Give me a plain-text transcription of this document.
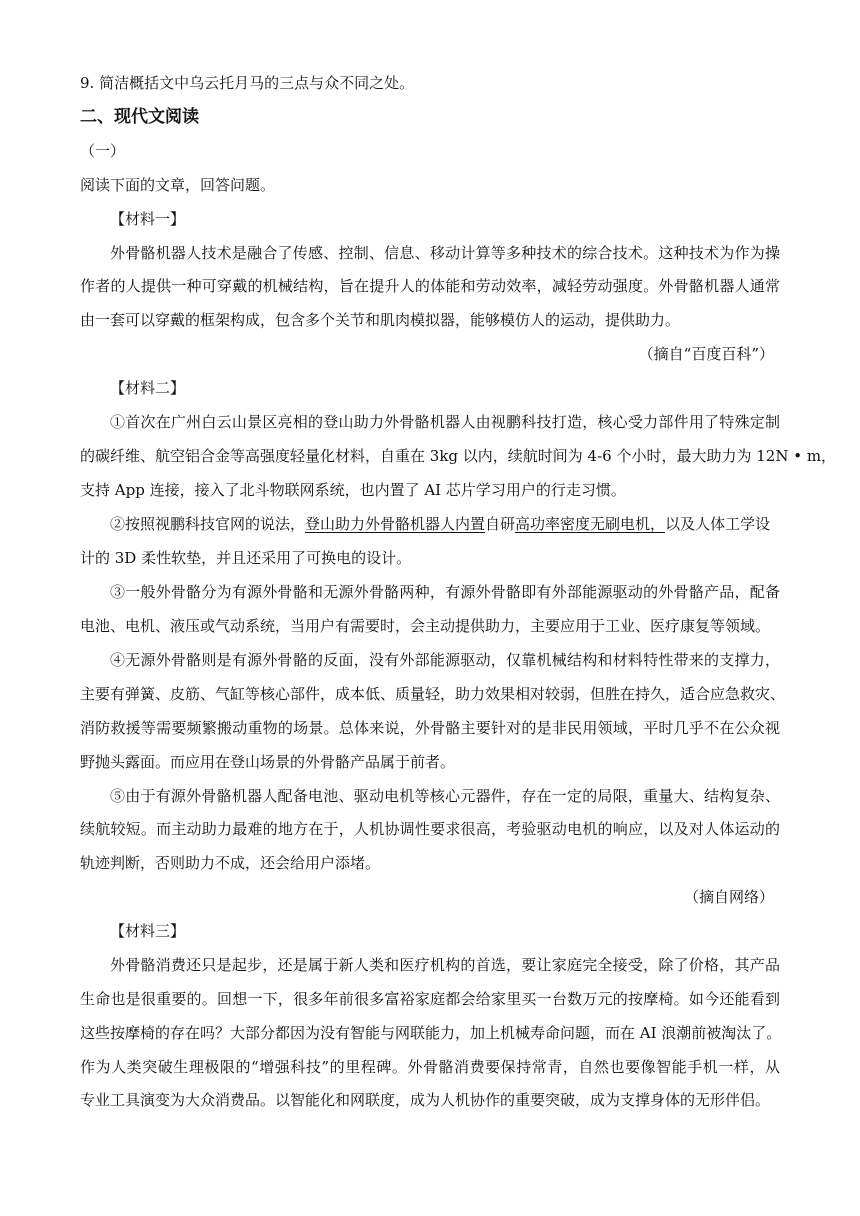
9. 简洁概括文中乌云托月马的三点与众不同之处。
二、现代文阅读
（一）
阅读下面的文章，回答问题。
【材料一】
外骨骼机器人技术是融合了传感、控制、信息、移动计算等多种技术的综合技术。这种技术为作为操
作者的人提供一种可穿戴的机械结构，旨在提升人的体能和劳动效率，减轻劳动强度。外骨骼机器人通常
由一套可以穿戴的框架构成，包含多个关节和肌肉模拟器，能够模仿人的运动，提供助力。
（摘自“百度百科”）
【材料二】
①首次在广州白云山景区亮相的登山助力外骨骼机器人由视鹏科技打造，核心受力部件用了特殊定制
的碳纤维、航空铝合金等高强度轻量化材料，自重在 3kg 以内，续航时间为 4-6 个小时，最大助力为 12N • m，
支持 App 连接，接入了北斗物联网系统，也内置了 AI 芯片学习用户的行走习惯。
②按照视鹏科技官网的说法，登山助力外骨骼机器人内置自研高功率密度无刷电机，以及人体工学设
计的 3D 柔性软垫，并且还采用了可换电的设计。
③一般外骨骼分为有源外骨骼和无源外骨骼两种，有源外骨骼即有外部能源驱动的外骨骼产品，配备
电池、电机、液压或气动系统，当用户有需要时，会主动提供助力，主要应用于工业、医疗康复等领域。
④无源外骨骼则是有源外骨骼的反面，没有外部能源驱动，仅靠机械结构和材料特性带来的支撑力，
主要有弹簧、皮筋、气缸等核心部件，成本低、质量轻，助力效果相对较弱，但胜在持久，适合应急救灾、
消防救援等需要频繁搬动重物的场景。总体来说，外骨骼主要针对的是非民用领域，平时几乎不在公众视
野抛头露面。而应用在登山场景的外骨骼产品属于前者。
⑤由于有源外骨骼机器人配备电池、驱动电机等核心元器件，存在一定的局限，重量大、结构复杂、
续航较短。而主动助力最难的地方在于，人机协调性要求很高，考验驱动电机的响应，以及对人体运动的
轨迹判断，否则助力不成，还会给用户添堵。
（摘自网络）
【材料三】
外骨骼消费还只是起步，还是属于新人类和医疗机构的首选，要让家庭完全接受，除了价格，其产品
生命也是很重要的。回想一下，很多年前很多富裕家庭都会给家里买一台数万元的按摩椅。如今还能看到
这些按摩椅的存在吗？大部分都因为没有智能与网联能力，加上机械寿命问题，而在 AI 浪潮前被淘汰了。
作为人类突破生理极限的“增强科技”的里程碑。外骨骼消费要保持常青，自然也要像智能手机一样，从
专业工具演变为大众消费品。以智能化和网联度，成为人机协作的重要突破，成为支撑身体的无形伴侣。
